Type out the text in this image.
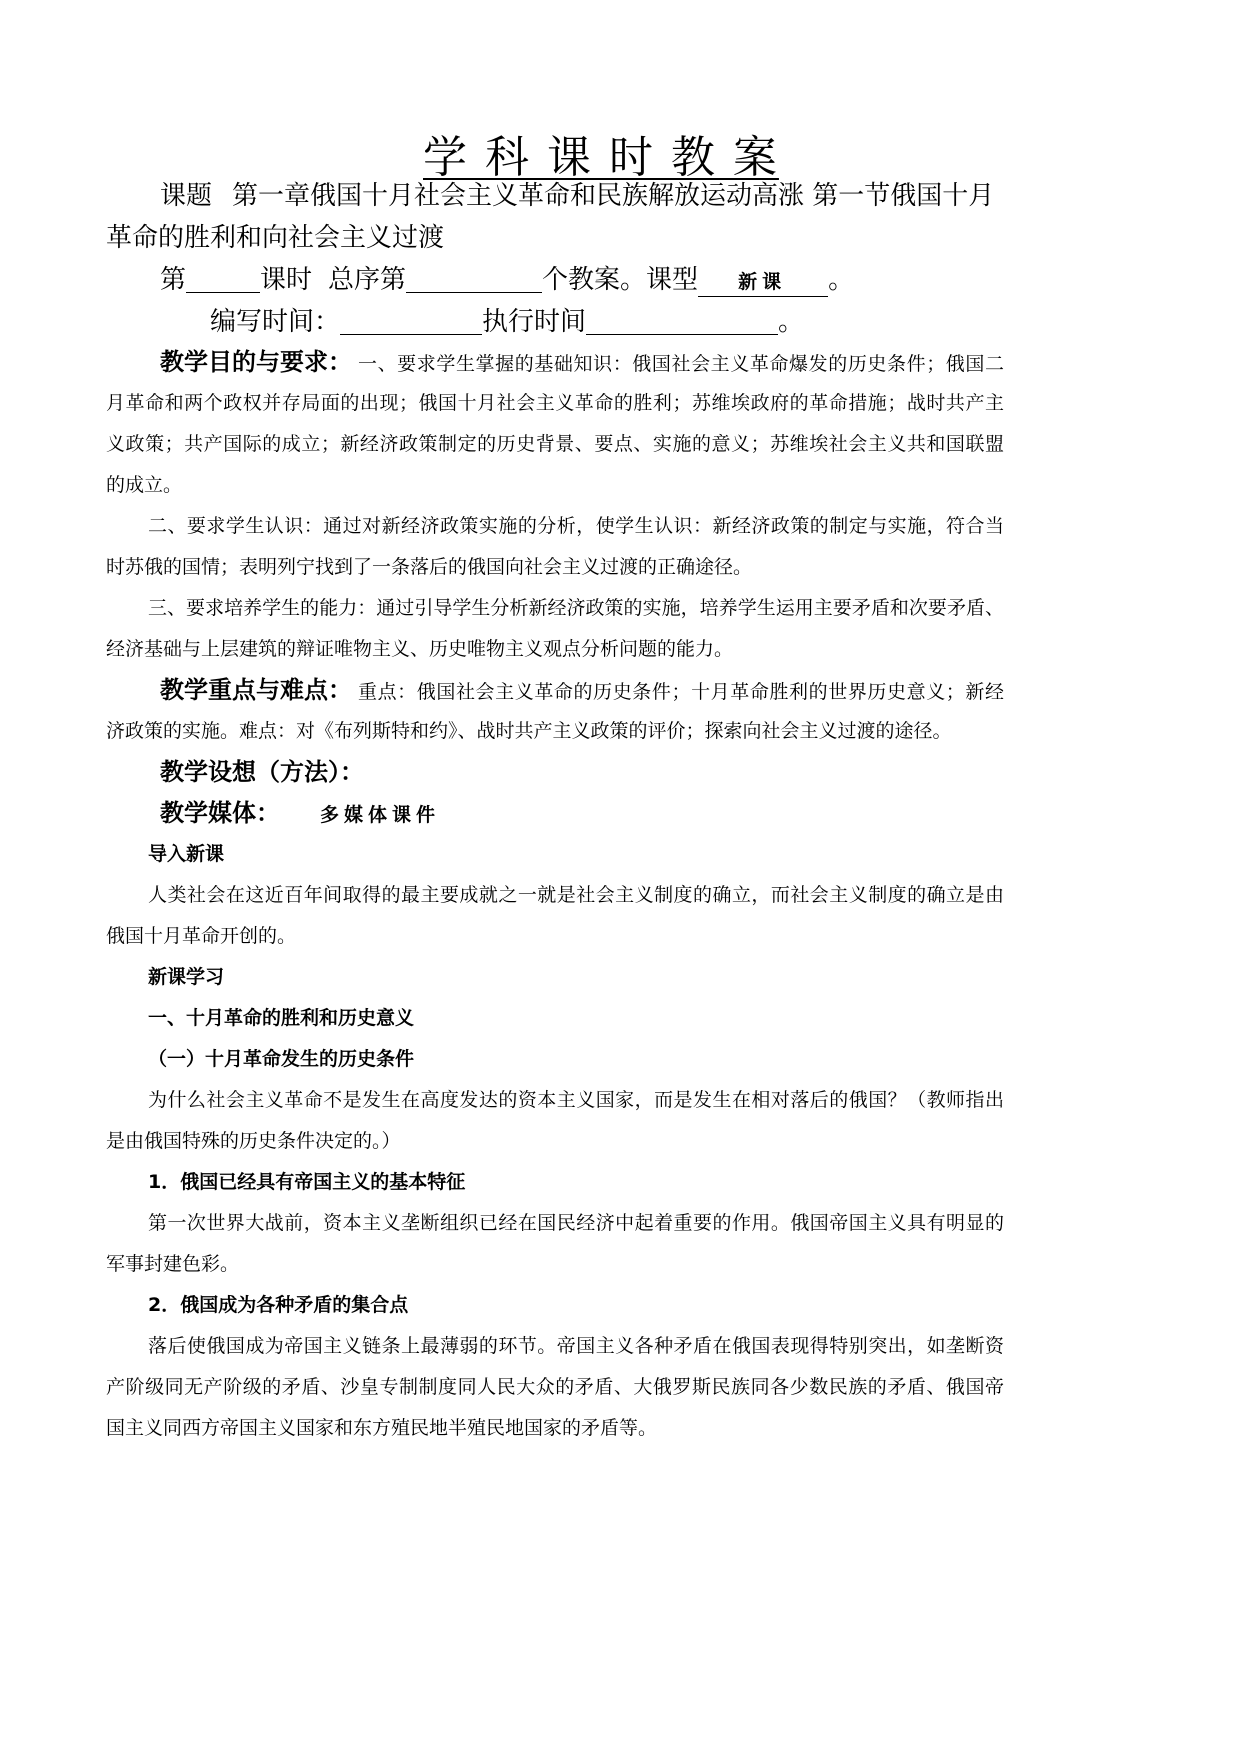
学 科 课 时 教 案
课题 第一章俄国十月社会主义革命和民族解放运动高涨 第一节俄国十月
革命的胜利和向社会主义过渡
第	课时 总序第	个教案。课型 新课 。
编写时间：	执行时间	。
教学目的与要求： 一、要求学生掌握的基础知识：俄国社会主义革命爆发的历史条件；俄国二
月革命和两个政权并存局面的出现；俄国十月社会主义革命的胜利；苏维埃政府的革命措施；战时共产主
义政策；共产国际的成立；新经济政策制定的历史背景、要点、实施的意义；苏维埃社会主义共和国联盟
的成立。
二、要求学生认识：通过对新经济政策实施的分析，使学生认识：新经济政策的制定与实施，符合当
时苏俄的国情；表明列宁找到了一条落后的俄国向社会主义过渡的正确途径。
三、要求培养学生的能力：通过引导学生分析新经济政策的实施，培养学生运用主要矛盾和次要矛盾、
经济基础与上层建筑的辩证唯物主义、历史唯物主义观点分析问题的能力。
教学重点与难点： 重点：俄国社会主义革命的历史条件；十月革命胜利的世界历史意义；新经
济政策的实施。难点：对《布列斯特和约》、战时共产主义政策的评价；探索向社会主义过渡的途径。
教学设想（方法）：
教学媒体： 多媒体课件
导入新课
人类社会在这近百年间取得的最主要成就之一就是社会主义制度的确立，而社会主义制度的确立是由
俄国十月革命开创的。
新课学习
一、十月革命的胜利和历史意义
（一）十月革命发生的历史条件
为什么社会主义革命不是发生在高度发达的资本主义国家，而是发生在相对落后的俄国？（教师指出
是由俄国特殊的历史条件决定的。）
1．俄国已经具有帝国主义的基本特征
第一次世界大战前，资本主义垄断组织已经在国民经济中起着重要的作用。俄国帝国主义具有明显的
军事封建色彩。
2．俄国成为各种矛盾的集合点
落后使俄国成为帝国主义链条上最薄弱的环节。帝国主义各种矛盾在俄国表现得特别突出，如垄断资
产阶级同无产阶级的矛盾、沙皇专制制度同人民大众的矛盾、大俄罗斯民族同各少数民族的矛盾、俄国帝
国主义同西方帝国主义国家和东方殖民地半殖民地国家的矛盾等。
